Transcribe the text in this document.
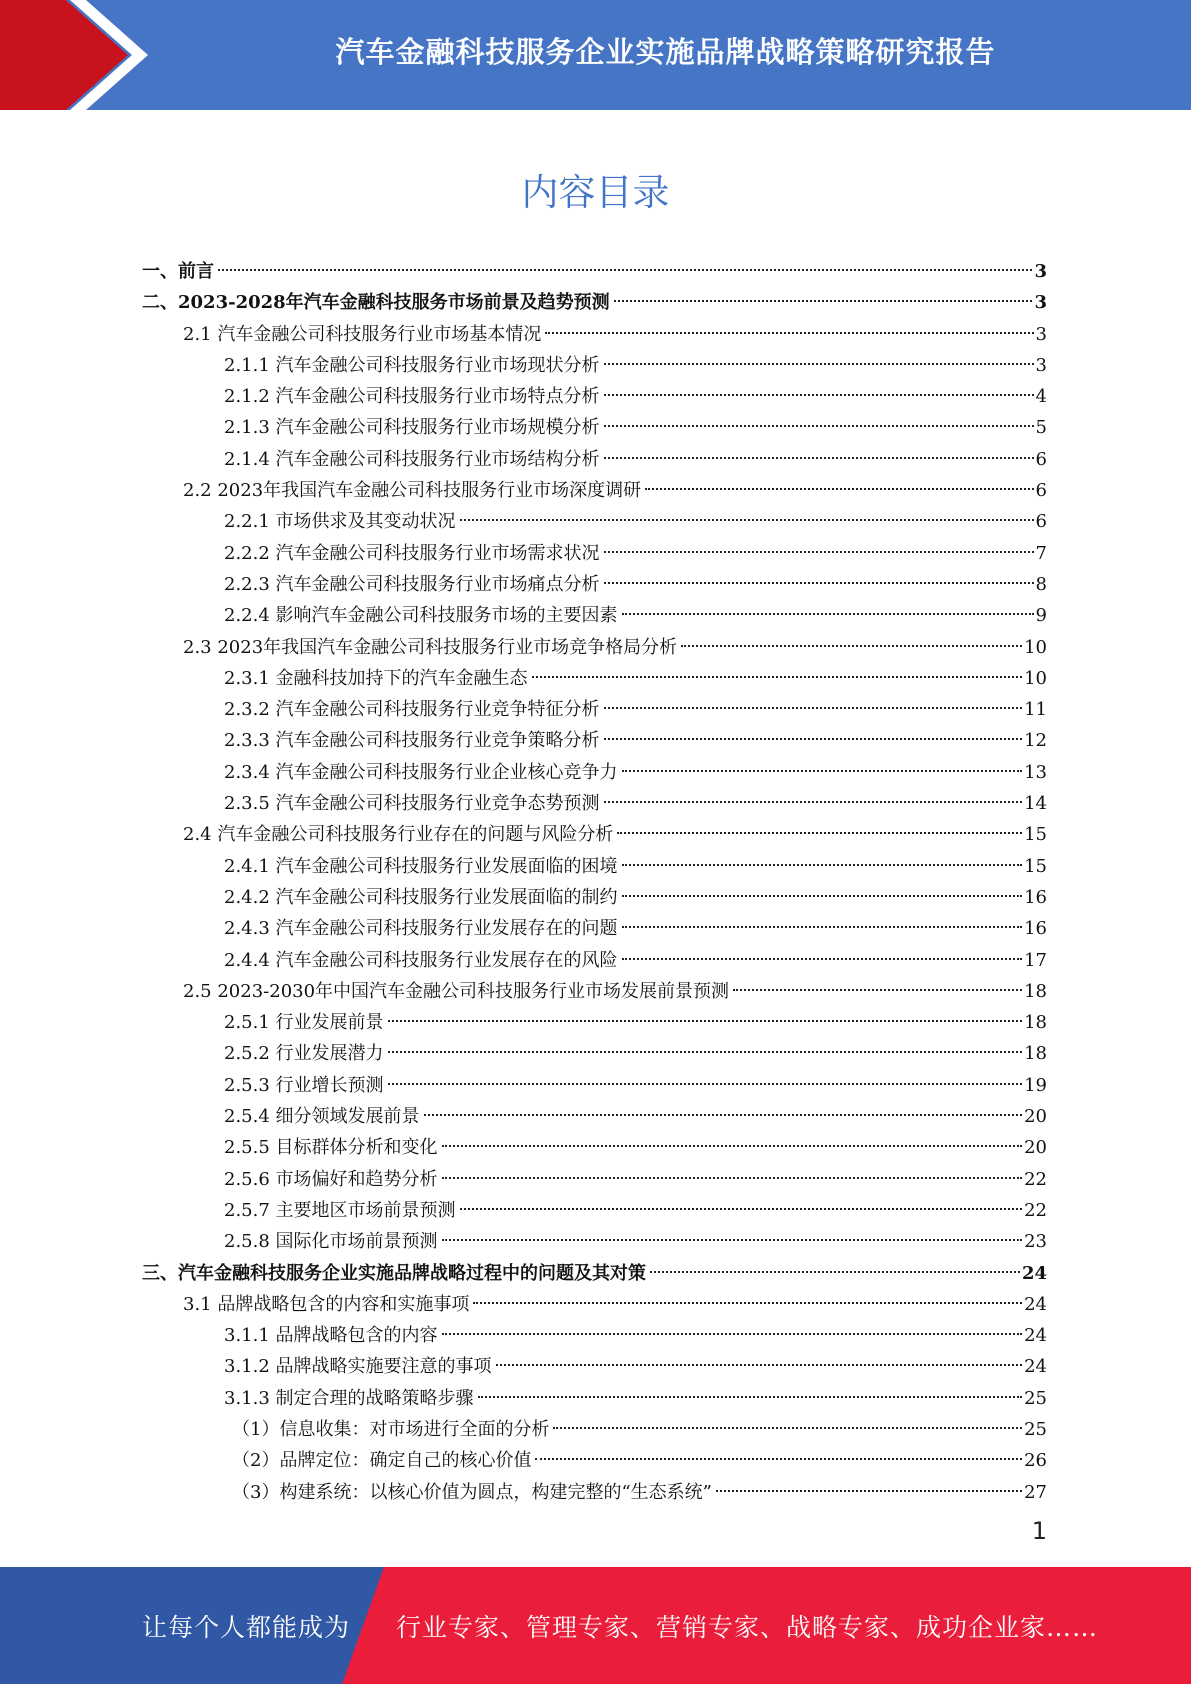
汽车金融科技服务企业实施品牌战略策略研究报告
内容目录
一、前言	3
二、2023-2028年汽车金融科技服务市场前景及趋势预测	3
2.1 汽车金融公司科技服务行业市场基本情况	3
2.1.1 汽车金融公司科技服务行业市场现状分析	3
2.1.2 汽车金融公司科技服务行业市场特点分析	4
2.1.3 汽车金融公司科技服务行业市场规模分析	5
2.1.4 汽车金融公司科技服务行业市场结构分析	6
2.2 2023年我国汽车金融公司科技服务行业市场深度调研	6
2.2.1 市场供求及其变动状况	6
2.2.2 汽车金融公司科技服务行业市场需求状况	7
2.2.3 汽车金融公司科技服务行业市场痛点分析	8
2.2.4 影响汽车金融公司科技服务市场的主要因素	9
2.3 2023年我国汽车金融公司科技服务行业市场竞争格局分析	10
2.3.1 金融科技加持下的汽车金融生态	10
2.3.2 汽车金融公司科技服务行业竞争特征分析	11
2.3.3 汽车金融公司科技服务行业竞争策略分析	12
2.3.4 汽车金融公司科技服务行业企业核心竞争力	13
2.3.5 汽车金融公司科技服务行业竞争态势预测	14
2.4 汽车金融公司科技服务行业存在的问题与风险分析	15
2.4.1 汽车金融公司科技服务行业发展面临的困境	15
2.4.2 汽车金融公司科技服务行业发展面临的制约	16
2.4.3 汽车金融公司科技服务行业发展存在的问题	16
2.4.4 汽车金融公司科技服务行业发展存在的风险	17
2.5 2023-2030年中国汽车金融公司科技服务行业市场发展前景预测	18
2.5.1 行业发展前景	18
2.5.2 行业发展潜力	18
2.5.3 行业增长预测	19
2.5.4 细分领域发展前景	20
2.5.5 目标群体分析和变化	20
2.5.6 市场偏好和趋势分析	22
2.5.7 主要地区市场前景预测	22
2.5.8 国际化市场前景预测	23
三、汽车金融科技服务企业实施品牌战略过程中的问题及其对策	24
3.1 品牌战略包含的内容和实施事项	24
3.1.1 品牌战略包含的内容	24
3.1.2 品牌战略实施要注意的事项	24
3.1.3 制定合理的战略策略步骤	25
（1）信息收集：对市场进行全面的分析	25
（2）品牌定位：确定自己的核心价值	26
（3）构建系统：以核心价值为圆点，构建完整的“生态系统”	27
1
让每个人都能成为 行业专家、管理专家、营销专家、战略专家、成功企业家……
